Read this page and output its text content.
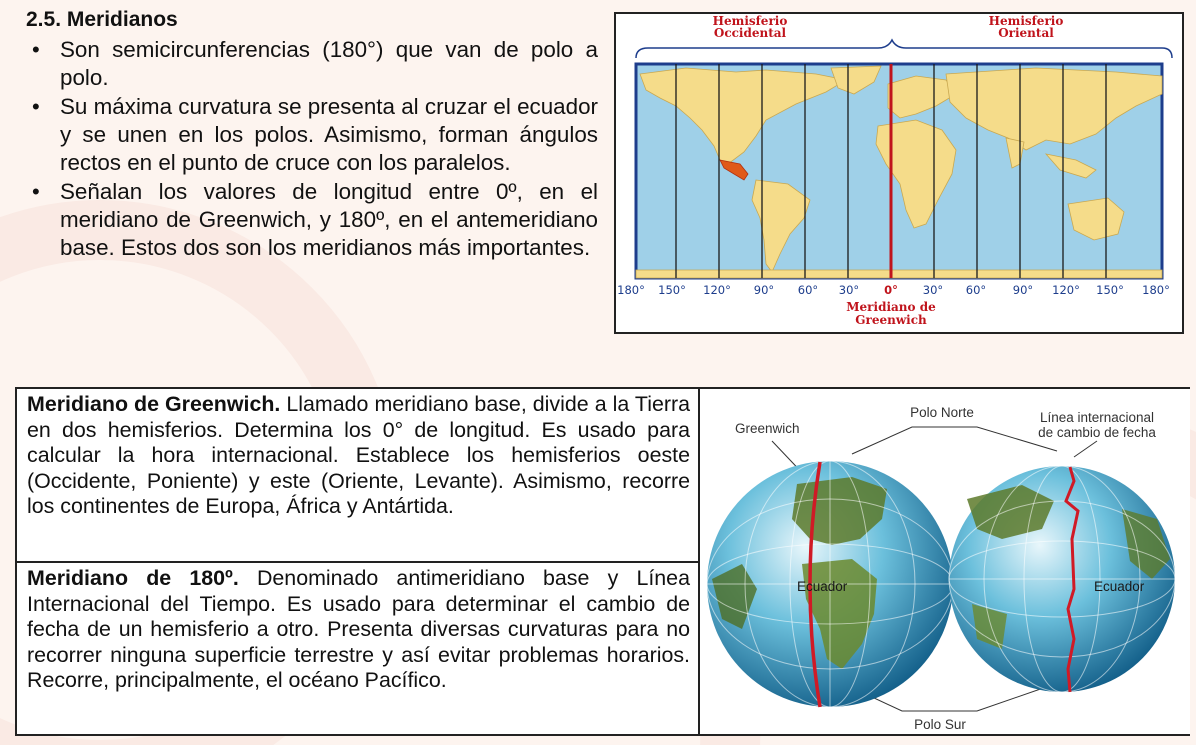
2.5. Meridianos
• Son semicircunferencias (180°) que van de polo a polo.
• Su máxima curvatura se presenta al cruzar el ecuador y se unen en los polos. Asimismo, forman ángulos rectos en el punto de cruce con los paralelos.
• Señalan los valores de longitud entre 0º, en el meridiano de Greenwich, y 180º, en el antemeridiano base. Estos dos son los meridianos más importantes.
Hemisferio
Occidental
Hemisferio
Oriental
180° 150° 120° 90° 60° 30° 0° 30° 60° 90° 120° 150° 180°
Meridiano de
Greenwich
Meridiano de Greenwich. Llamado meridiano base, divide a la Tierra en dos hemisferios. Determina los 0° de longitud. Es usado para calcular la hora internacional. Establece los hemisferios oeste (Occidente, Poniente) y este (Oriente, Levante). Asimismo, recorre los continentes de Europa, África y Antártida.
Meridiano de 180º. Denominado antimeridiano base y Línea Internacional del Tiempo. Es usado para determinar el cambio de fecha de un hemisferio a otro. Presenta diversas curvaturas para no recorrer ninguna superficie terrestre y así evitar problemas horarios. Recorre, principalmente, el océano Pacífico.
Greenwich
Polo Norte	Línea internacional
de cambio de fecha
Polo Sur
Ecuador	Ecuador
